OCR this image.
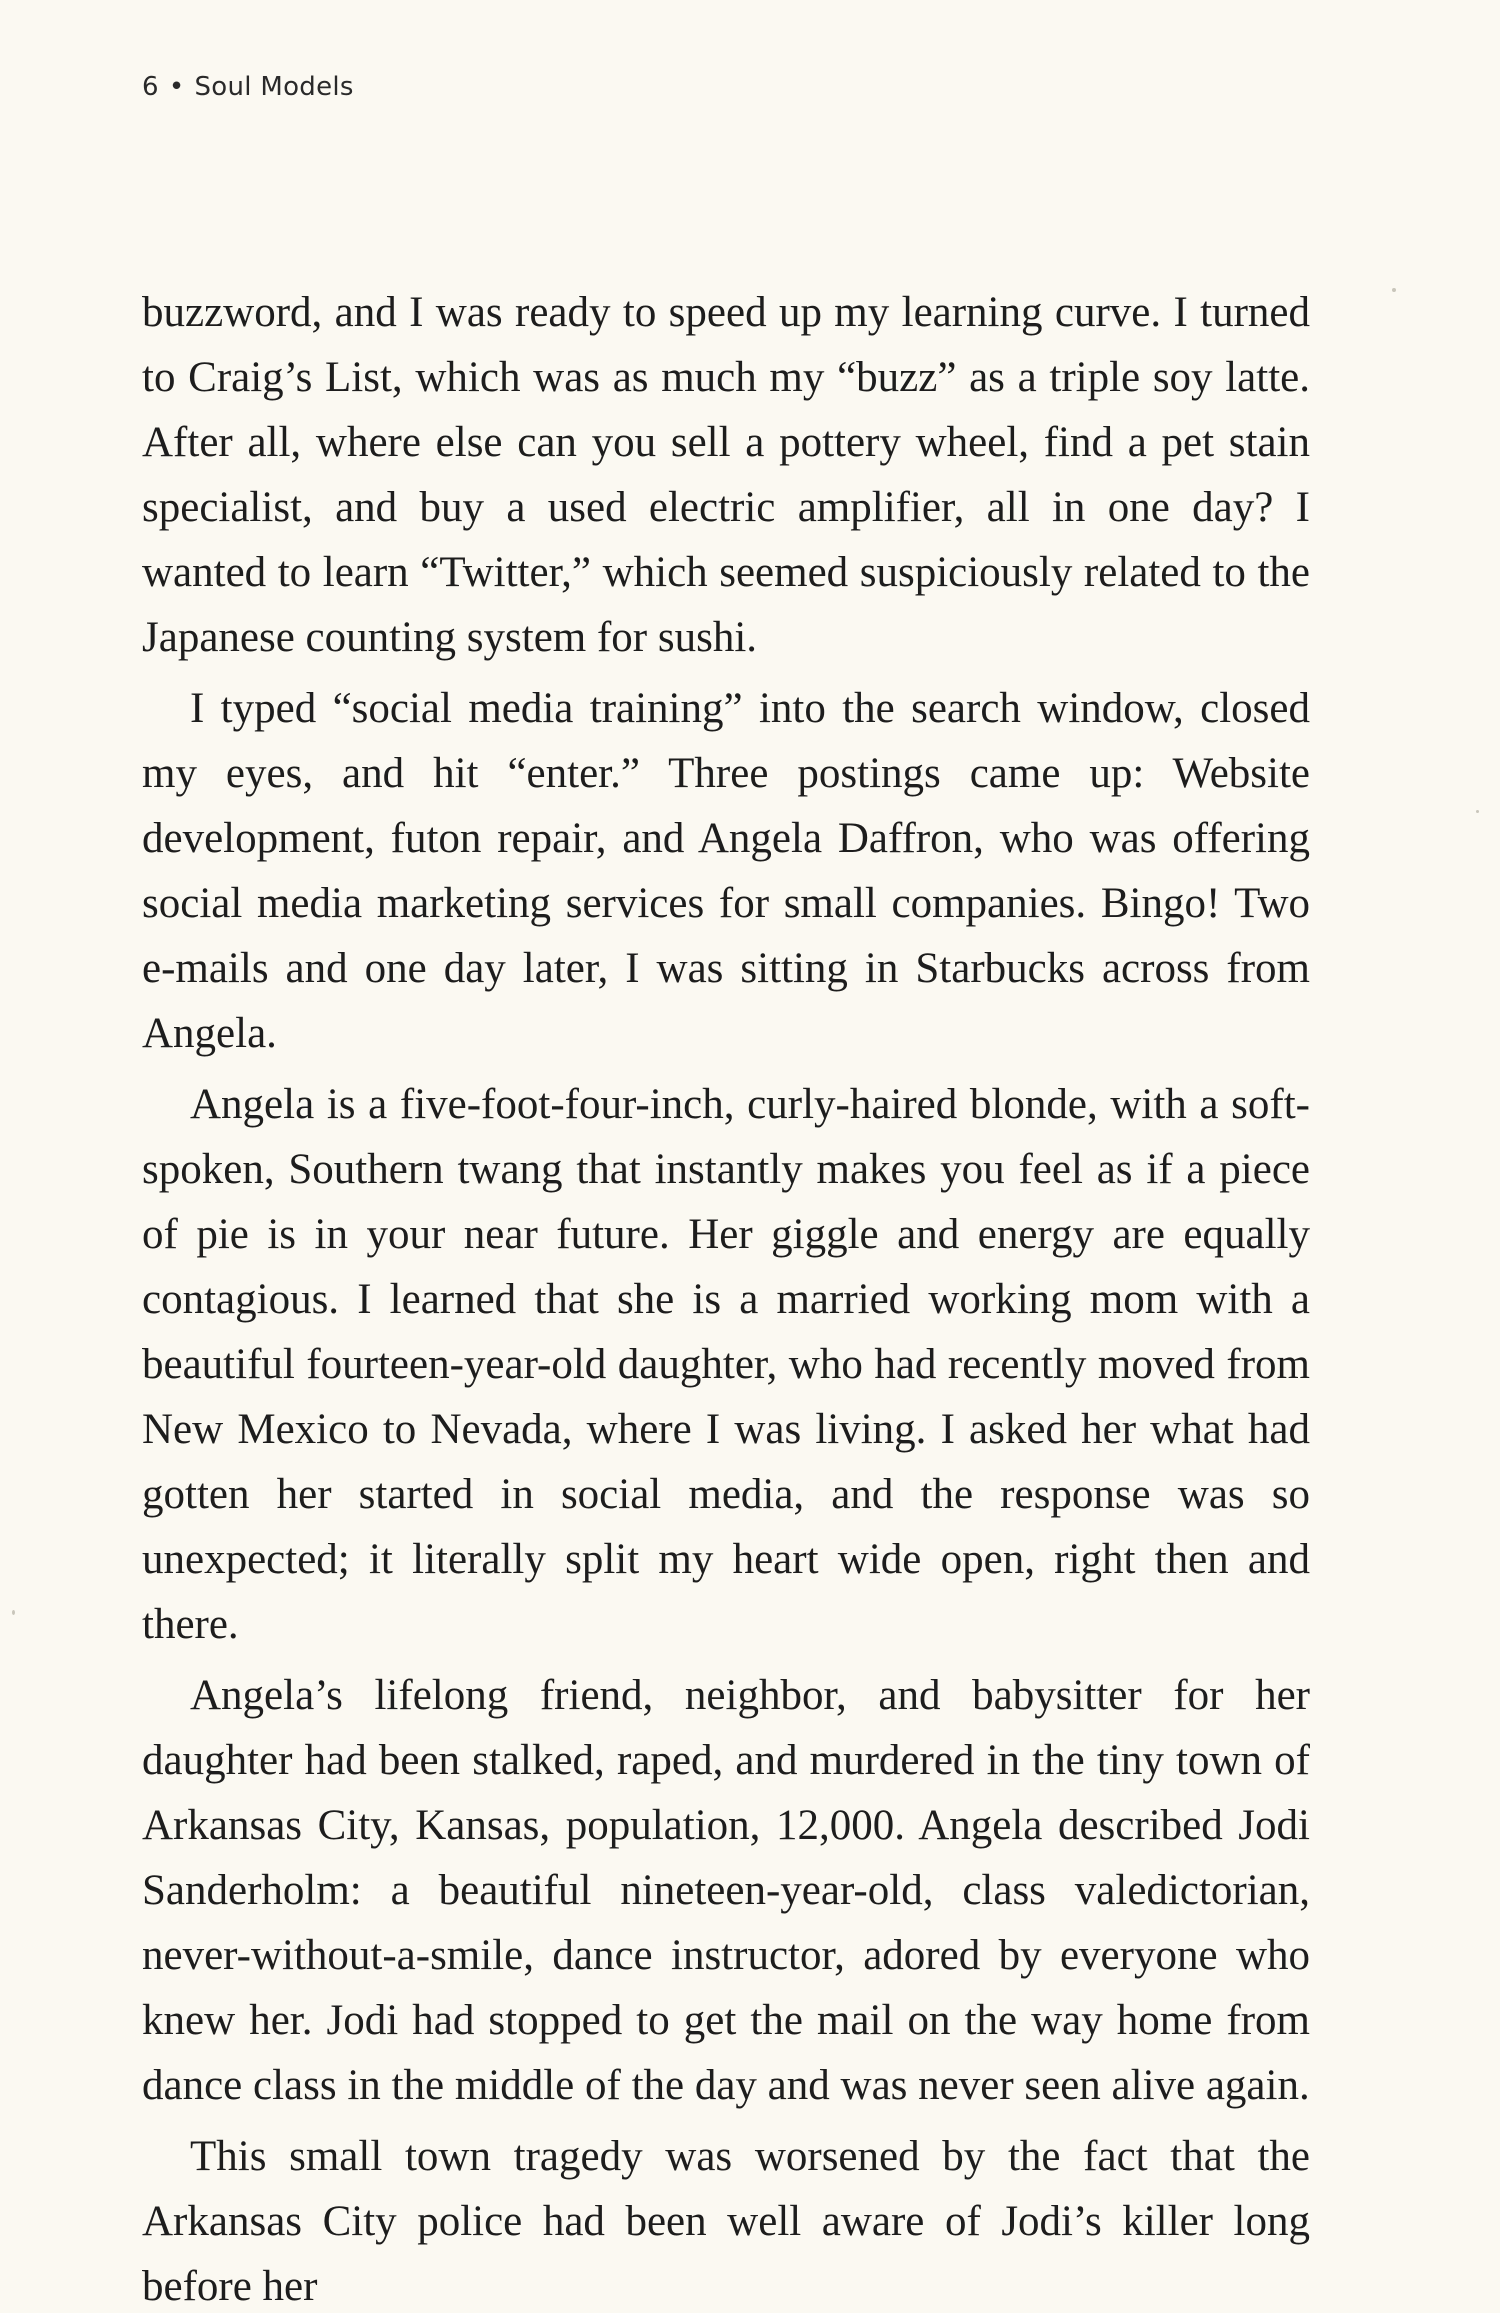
6 • Soul Models

buzzword, and I was ready to speed up my learning curve. I turned to Craig’s List, which was as much my “buzz” as a triple soy latte. After all, where else can you sell a pottery wheel, find a pet stain specialist, and buy a used electric amplifier, all in one day? I wanted to learn “Twitter,” which seemed suspiciously related to the Japanese counting system for sushi.

I typed “social media training” into the search window, closed my eyes, and hit “enter.” Three postings came up: Website development, futon repair, and Angela Daffron, who was offering social media marketing services for small companies. Bingo! Two e-mails and one day later, I was sitting in Starbucks across from Angela.

Angela is a five-foot-four-inch, curly-haired blonde, with a soft-spoken, Southern twang that instantly makes you feel as if a piece of pie is in your near future. Her giggle and energy are equally contagious. I learned that she is a married working mom with a beautiful fourteen-year-old daughter, who had recently moved from New Mexico to Nevada, where I was living. I asked her what had gotten her started in social media, and the response was so unexpected; it literally split my heart wide open, right then and there.

Angela’s lifelong friend, neighbor, and babysitter for her daughter had been stalked, raped, and murdered in the tiny town of Arkansas City, Kansas, population, 12,000. Angela described Jodi Sanderholm: a beautiful nineteen-year-old, class valedictorian, never-without-a-smile, dance instructor, adored by everyone who knew her. Jodi had stopped to get the mail on the way home from dance class in the middle of the day and was never seen alive again.

This small town tragedy was worsened by the fact that the Arkansas City police had been well aware of Jodi’s killer long before her
